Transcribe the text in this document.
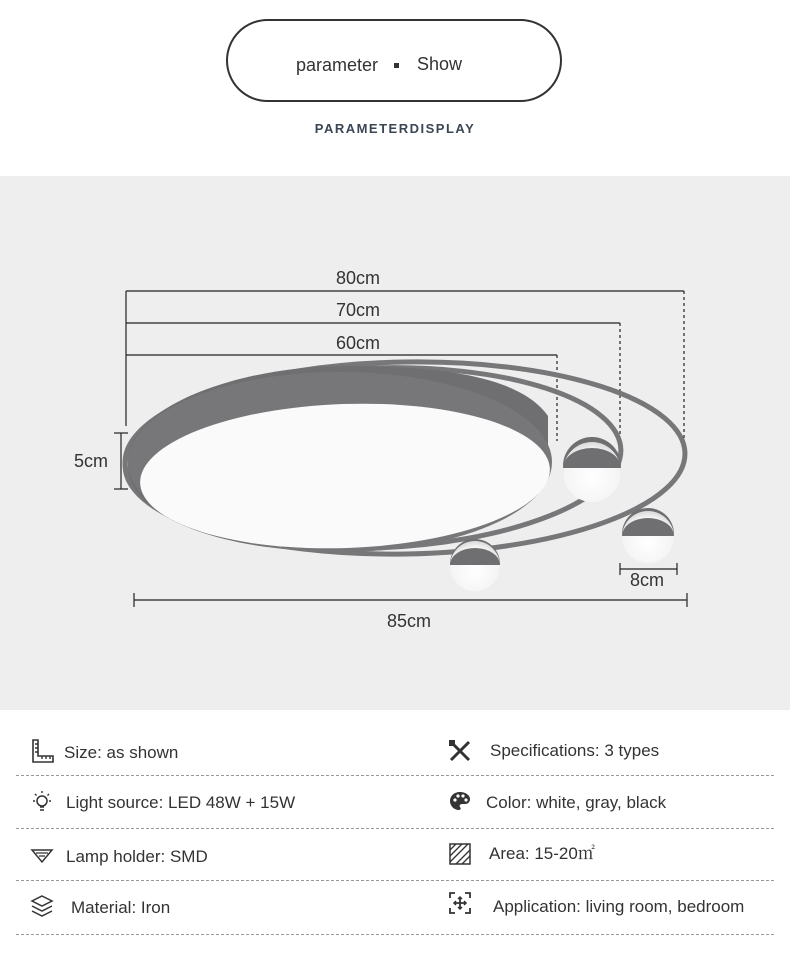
parameter Show
PARAMETERDISPLAY
80cm
70cm
60cm
5cm
8cm
85cm
Size: as shown
Light source: LED 48W + 15W
Lamp holder: SMD
Material: Iron
Specifications: 3 types
Color: white, gray, black
Area: 15-20㎡
Application: living room, bedroom
